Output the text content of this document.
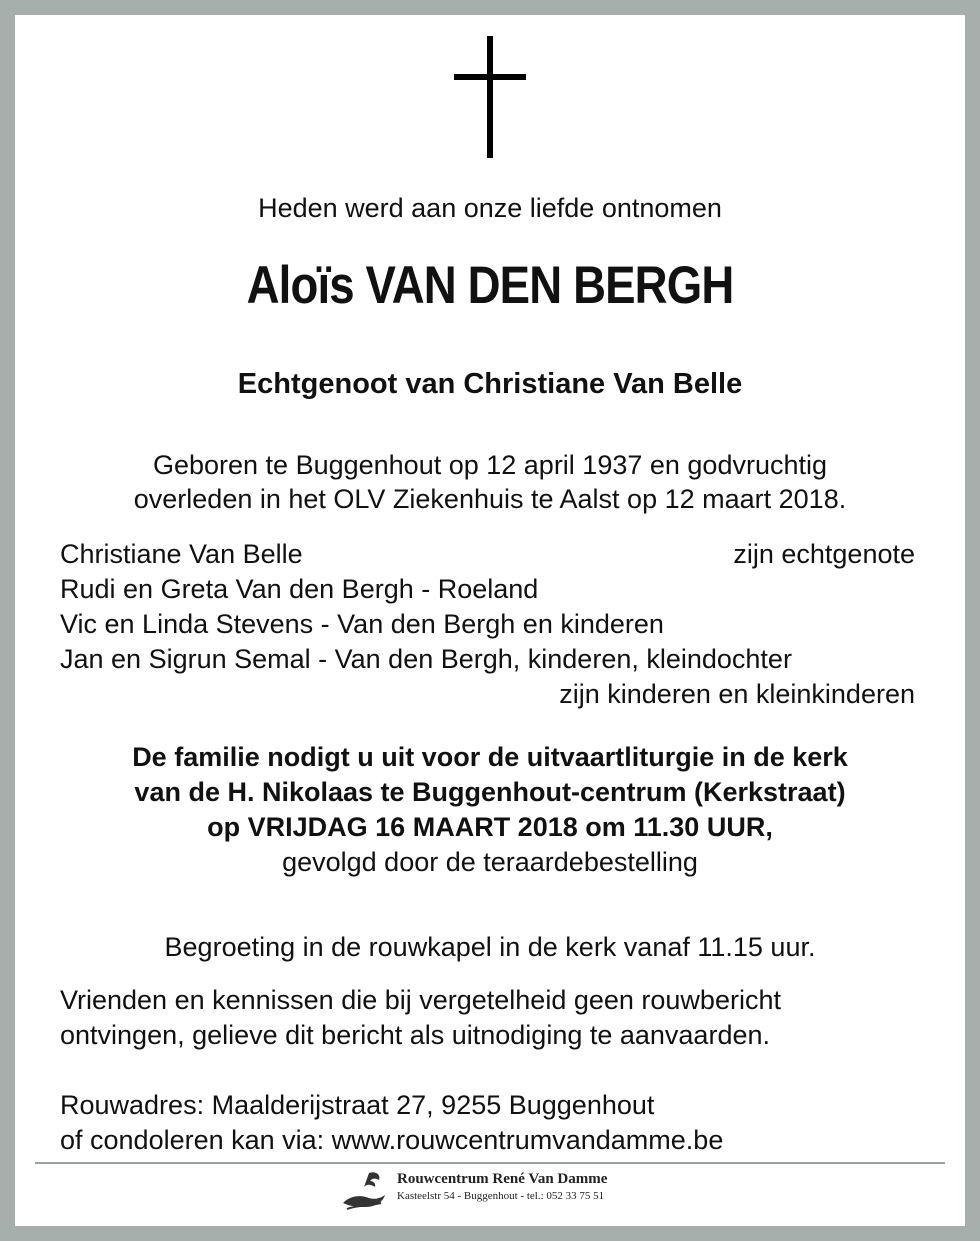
Heden werd aan onze liefde ontnomen
Aloïs VAN DEN BERGH
Echtgenoot van Christiane Van Belle
Geboren te Buggenhout op 12 april 1937 en godvruchtig
overleden in het OLV Ziekenhuis te Aalst op 12 maart 2018.
Christiane Van Belle	zijn echtgenote
Rudi en Greta Van den Bergh - Roeland
Vic en Linda Stevens - Van den Bergh en kinderen
Jan en Sigrun Semal - Van den Bergh, kinderen, kleindochter
zijn kinderen en kleinkinderen
De familie nodigt u uit voor de uitvaartliturgie in de kerk
van de H. Nikolaas te Buggenhout-centrum (Kerkstraat)
op VRIJDAG 16 MAART 2018 om 11.30 UUR,
gevolgd door de teraardebestelling
Begroeting in de rouwkapel in de kerk vanaf 11.15 uur.
Vrienden en kennissen die bij vergetelheid geen rouwbericht
ontvingen, gelieve dit bericht als uitnodiging te aanvaarden.
Rouwadres: Maalderijstraat 27, 9255 Buggenhout
of condoleren kan via: www.rouwcentrumvandamme.be
Rouwcentrum René Van Damme
Kasteelstr 54 - Buggenhout - tel.: 052 33 75 51
